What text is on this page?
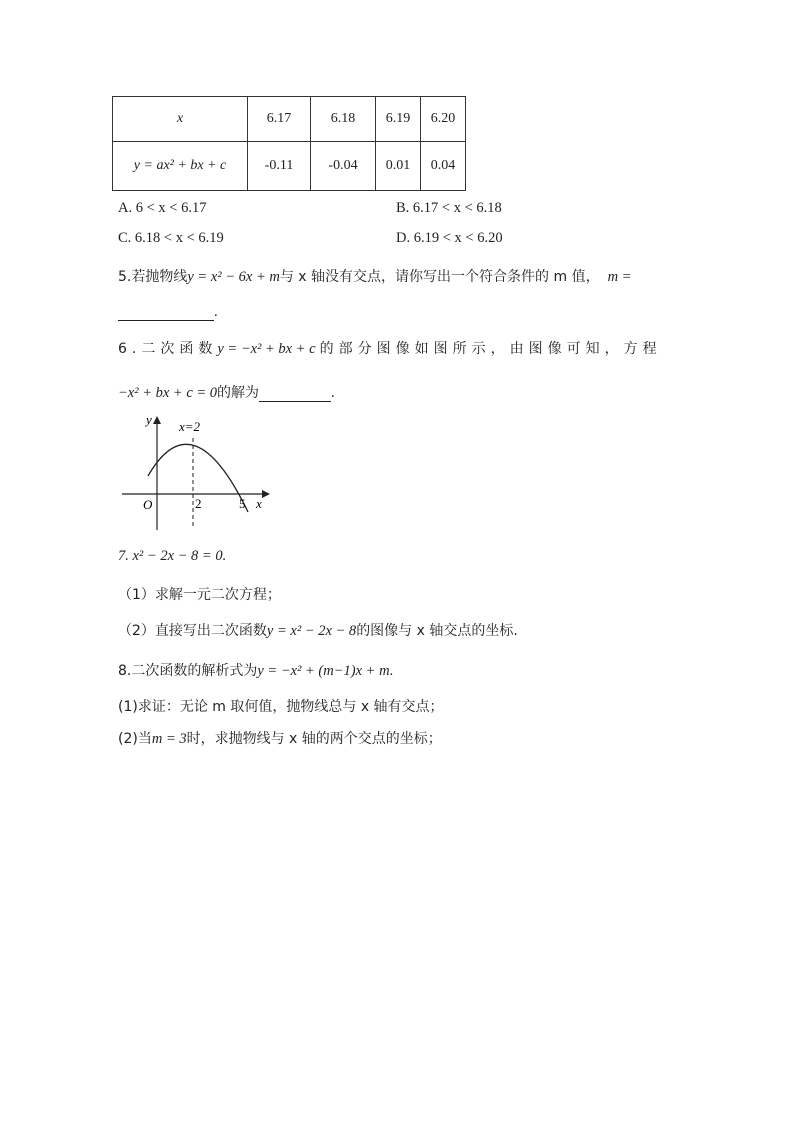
x	6.17	6.18	6.19	6.20
y = ax² + bx + c	-0.11	-0.04	0.01	0.04
A. 6 < x < 6.17	B. 6.17 < x < 6.18
C. 6.18 < x < 6.19	D. 6.19 < x < 6.20
5.若抛物线y = x² − 6x + m与 x 轴没有交点，请你写出一个符合条件的 m 值， m =
.
6.二次函数y = −x² + bx + c 的部分图像如图所示，由图像可知，方程
−x² + bx + c = 0的解为	.
y
x
O
x=2
2	5
7. x² − 2x − 8 = 0.
（1）求解一元二次方程；
（2）直接写出二次函数y = x² − 2x − 8的图像与 x 轴交点的坐标.
8.二次函数的解析式为y = −x² + (m−1)x + m.
(1)求证：无论 m 取何值，抛物线总与 x 轴有交点；
(2)当m = 3时，求抛物线与 x 轴的两个交点的坐标；
